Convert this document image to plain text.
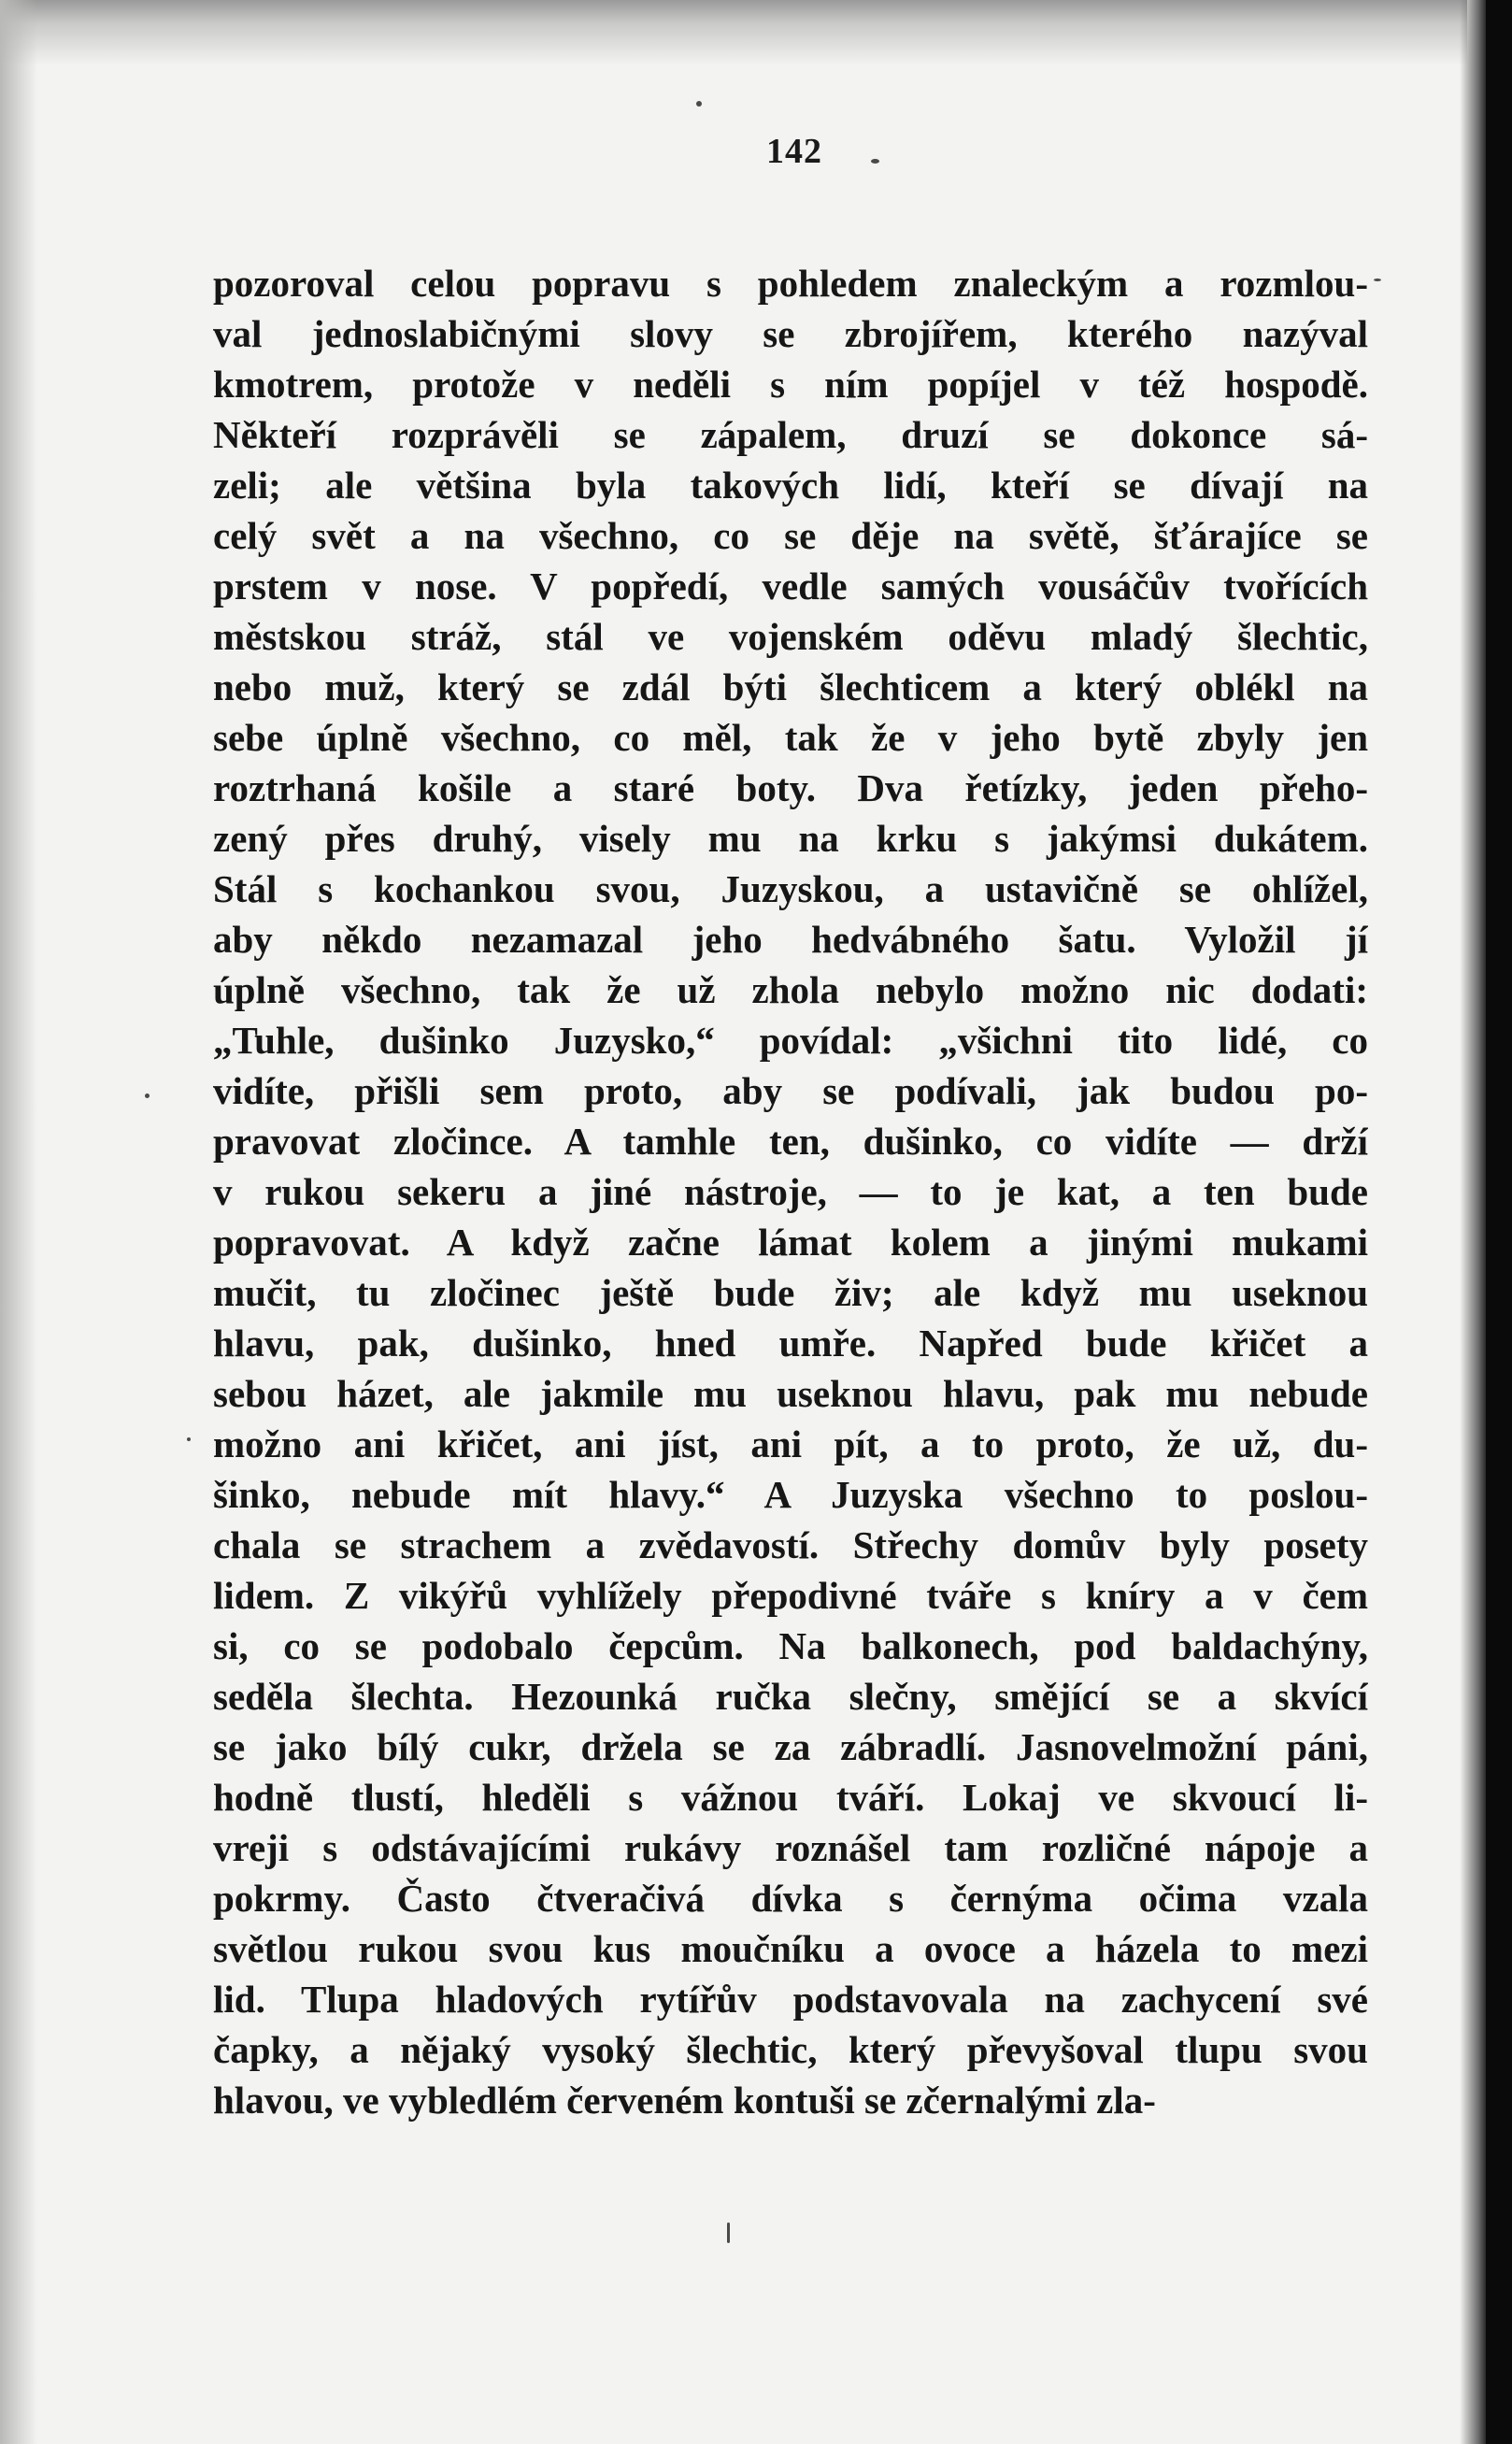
142
pozoroval celou popravu s pohledem znaleckým a rozmlou-
val jednoslabičnými slovy se zbrojířem, kterého nazýval
kmotrem, protože v neděli s ním popíjel v též hospodě.
Někteří rozprávěli se zápalem, druzí se dokonce sá-
zeli; ale většina byla takových lidí, kteří se dívají na
celý svět a na všechno, co se děje na světě, šťárajíce se
prstem v nose. V popředí, vedle samých vousáčův tvořících
městskou stráž, stál ve vojenském oděvu mladý šlechtic,
nebo muž, který se zdál býti šlechticem a který oblékl na
sebe úplně všechno, co měl, tak že v jeho bytě zbyly jen
roztrhaná košile a staré boty. Dva řetízky, jeden přeho-
zený přes druhý, visely mu na krku s jakýmsi dukátem.
Stál s kochankou svou, Juzyskou, a ustavičně se ohlížel,
aby někdo nezamazal jeho hedvábného šatu. Vyložil jí
úplně všechno, tak že už zhola nebylo možno nic dodati:
„Tuhle, dušinko Juzysko,“ povídal: „všichni tito lidé, co
vidíte, přišli sem proto, aby se podívali, jak budou po-
pravovat zločince. A tamhle ten, dušinko, co vidíte — drží
v rukou sekeru a jiné nástroje, — to je kat, a ten bude
popravovat. A když začne lámat kolem a jinými mukami
mučit, tu zločinec ještě bude živ; ale když mu useknou
hlavu, pak, dušinko, hned umře. Napřed bude křičet a
sebou házet, ale jakmile mu useknou hlavu, pak mu nebude
možno ani křičet, ani jíst, ani pít, a to proto, že už, du-
šinko, nebude mít hlavy.“ A Juzyska všechno to poslou-
chala se strachem a zvědavostí. Střechy domův byly posety
lidem. Z vikýřů vyhlížely přepodivné tváře s kníry a v čem
si, co se podobalo čepcům. Na balkonech, pod baldachýny,
seděla šlechta. Hezounká ručka slečny, smějící se a skvící
se jako bílý cukr, držela se za zábradlí. Jasnovelmožní páni,
hodně tlustí, hleděli s vážnou tváří. Lokaj ve skvoucí li-
vreji s odstávajícími rukávy roznášel tam rozličné nápoje a
pokrmy. Často čtveračivá dívka s černýma očima vzala
světlou rukou svou kus moučníku a ovoce a házela to mezi
lid. Tlupa hladových rytířův podstavovala na zachycení své
čapky, a nějaký vysoký šlechtic, který převyšoval tlupu svou
hlavou, ve vybledlém červeném kontuši se zčernalými zla-
